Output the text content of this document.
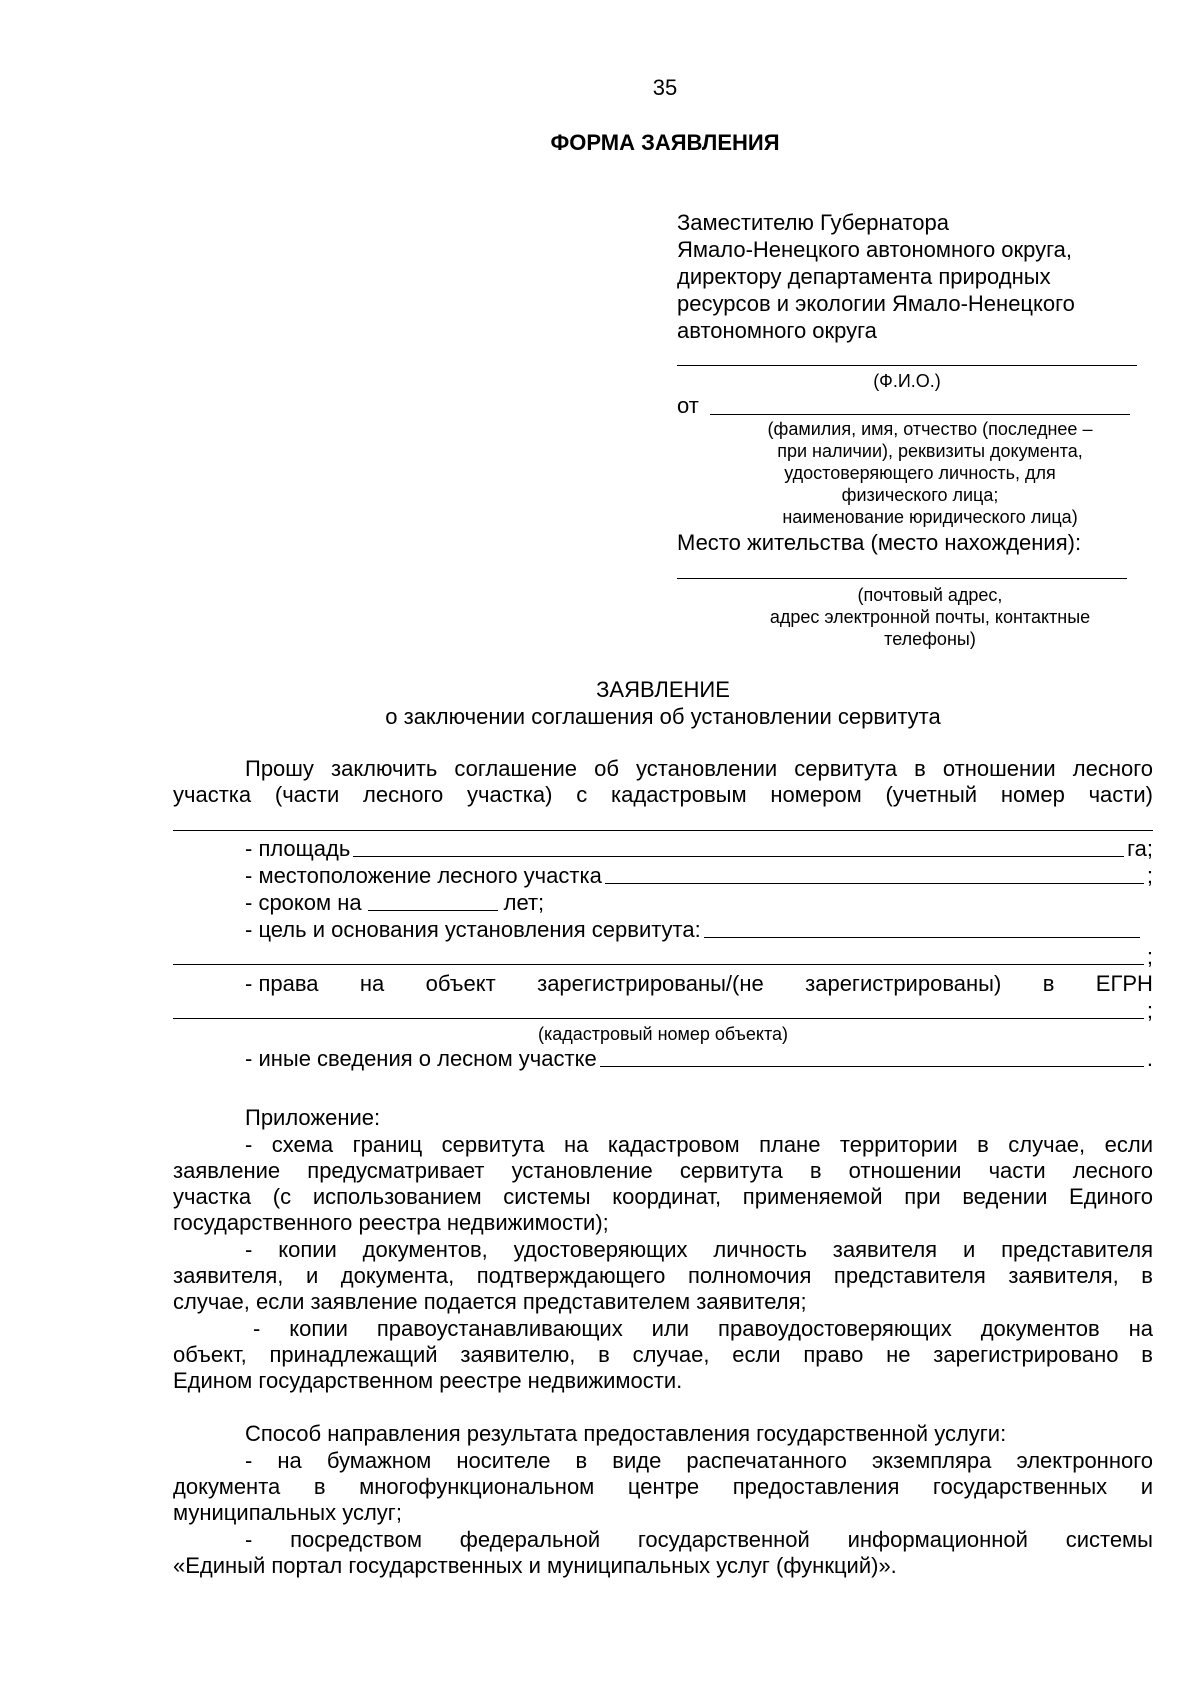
35
ФОРМА ЗАЯВЛЕНИЯ
Заместителю Губернатора
Ямало-Ненецкого автономного округа,
директору департамента природных
ресурсов и экологии Ямало-Ненецкого
автономного округа
(Ф.И.О.)
от
(фамилия, имя, отчество (последнее –
при наличии), реквизиты документа,
удостоверяющего личность, для
физического лица;
наименование юридического лица)
Место жительства (место нахождения):
(почтовый адрес,
адрес электронной почты, контактные
телефоны)
ЗАЯВЛЕНИЕ
о заключении соглашения об установлении сервитута
Прошу заключить соглашение об установлении сервитута в отношении лесного
участка (части лесного участка) с кадастровым номером (учетный номер части)
- площадь	га;
- местоположение лесного участка	;
- сроком на	лет;
- цель и основания установления сервитута:
;
- права на объект зарегистрированы/(не зарегистрированы) в ЕГРН
;
(кадастровый номер объекта)
- иные сведения о лесном участке	.
Приложение:
- схема границ сервитута на кадастровом плане территории в случае, если
заявление предусматривает установление сервитута в отношении части лесного
участка (с использованием системы координат, применяемой при ведении Единого
государственного реестра недвижимости);
- копии документов, удостоверяющих личность заявителя и представителя
заявителя, и документа, подтверждающего полномочия представителя заявителя, в
случае, если заявление подается представителем заявителя;
- копии правоустанавливающих или правоудостоверяющих документов на
объект, принадлежащий заявителю, в случае, если право не зарегистрировано в
Едином государственном реестре недвижимости.
Способ направления результата предоставления государственной услуги:
- на бумажном носителе в виде распечатанного экземпляра электронного
документа в многофункциональном центре предоставления государственных и
муниципальных услуг;
- посредством федеральной государственной информационной системы
«Единый портал государственных и муниципальных услуг (функций)».
